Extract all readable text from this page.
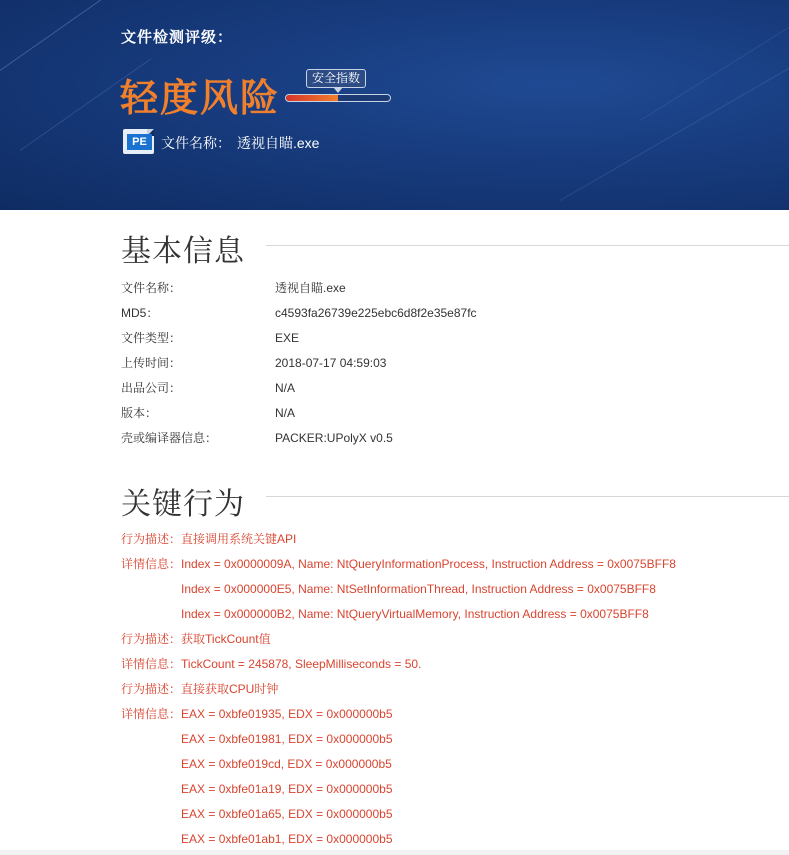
文件检测评级：
轻度风险	安全指数
PE	文件名称： 透视自瞄.exe
基本信息
文件名称：	透视自瞄.exe
MD5：	c4593fa26739e225ebc6d8f2e35e87fc
文件类型：	EXE
上传时间：	2018-07-17 04:59:03
出品公司：	N/A
版本：	N/A
壳或编译器信息：	PACKER:UPolyX v0.5
关键行为
行为描述：直接调用系统关键API
详情信息：Index = 0x0000009A, Name: NtQueryInformationProcess, Instruction Address = 0x0075BFF8
Index = 0x000000E5, Name: NtSetInformationThread, Instruction Address = 0x0075BFF8
Index = 0x000000B2, Name: NtQueryVirtualMemory, Instruction Address = 0x0075BFF8
行为描述：获取TickCount值
详情信息：TickCount = 245878, SleepMilliseconds = 50.
行为描述：直接获取CPU时钟
详情信息：EAX = 0xbfe01935, EDX = 0x000000b5
EAX = 0xbfe01981, EDX = 0x000000b5
EAX = 0xbfe019cd, EDX = 0x000000b5
EAX = 0xbfe01a19, EDX = 0x000000b5
EAX = 0xbfe01a65, EDX = 0x000000b5
EAX = 0xbfe01ab1, EDX = 0x000000b5
